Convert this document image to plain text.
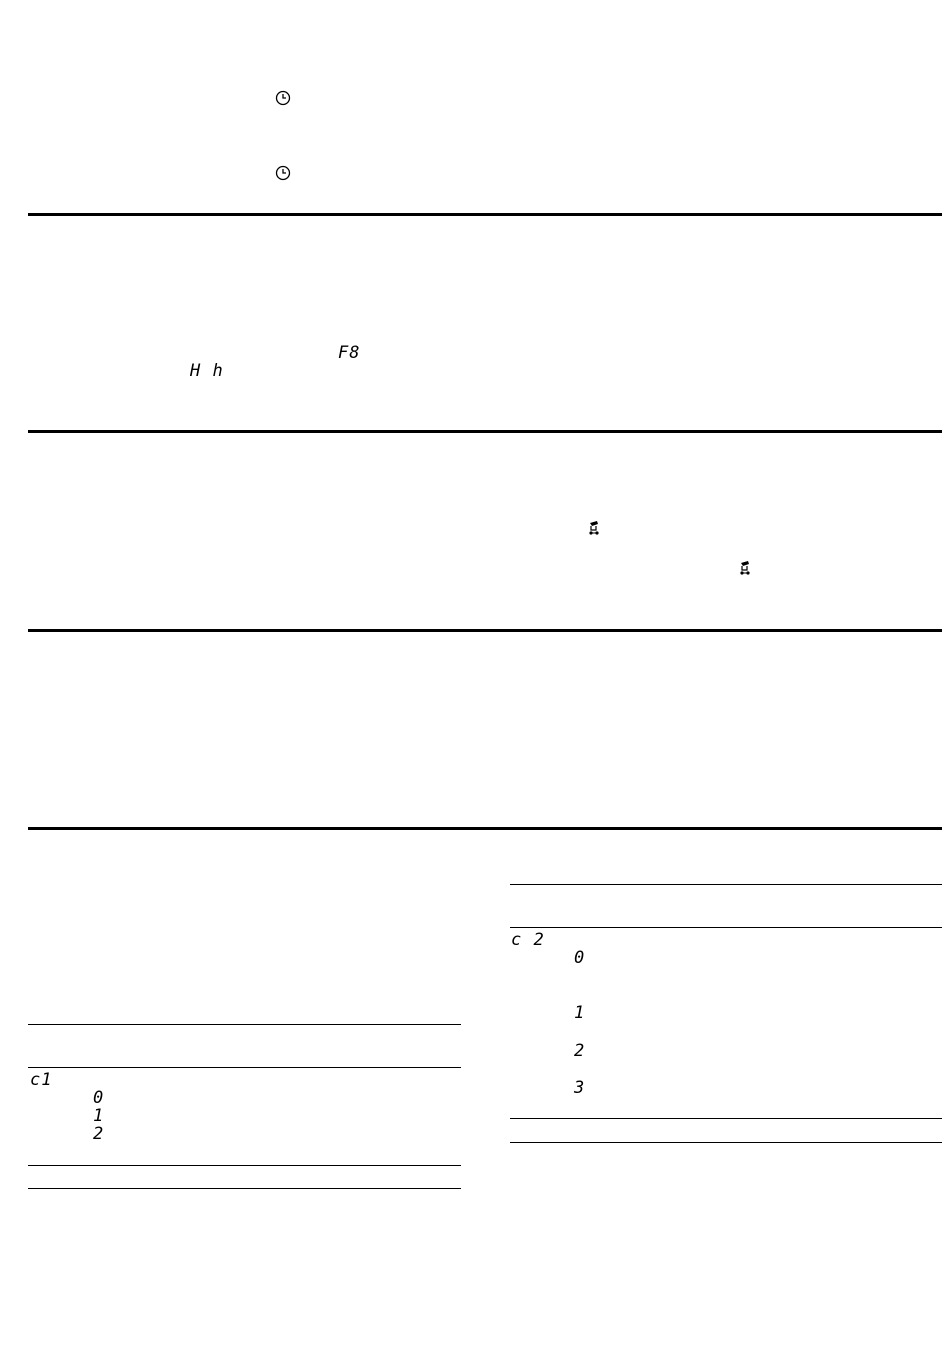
F8
H h
c1
0
1
2
c 2
0
1
2
3
